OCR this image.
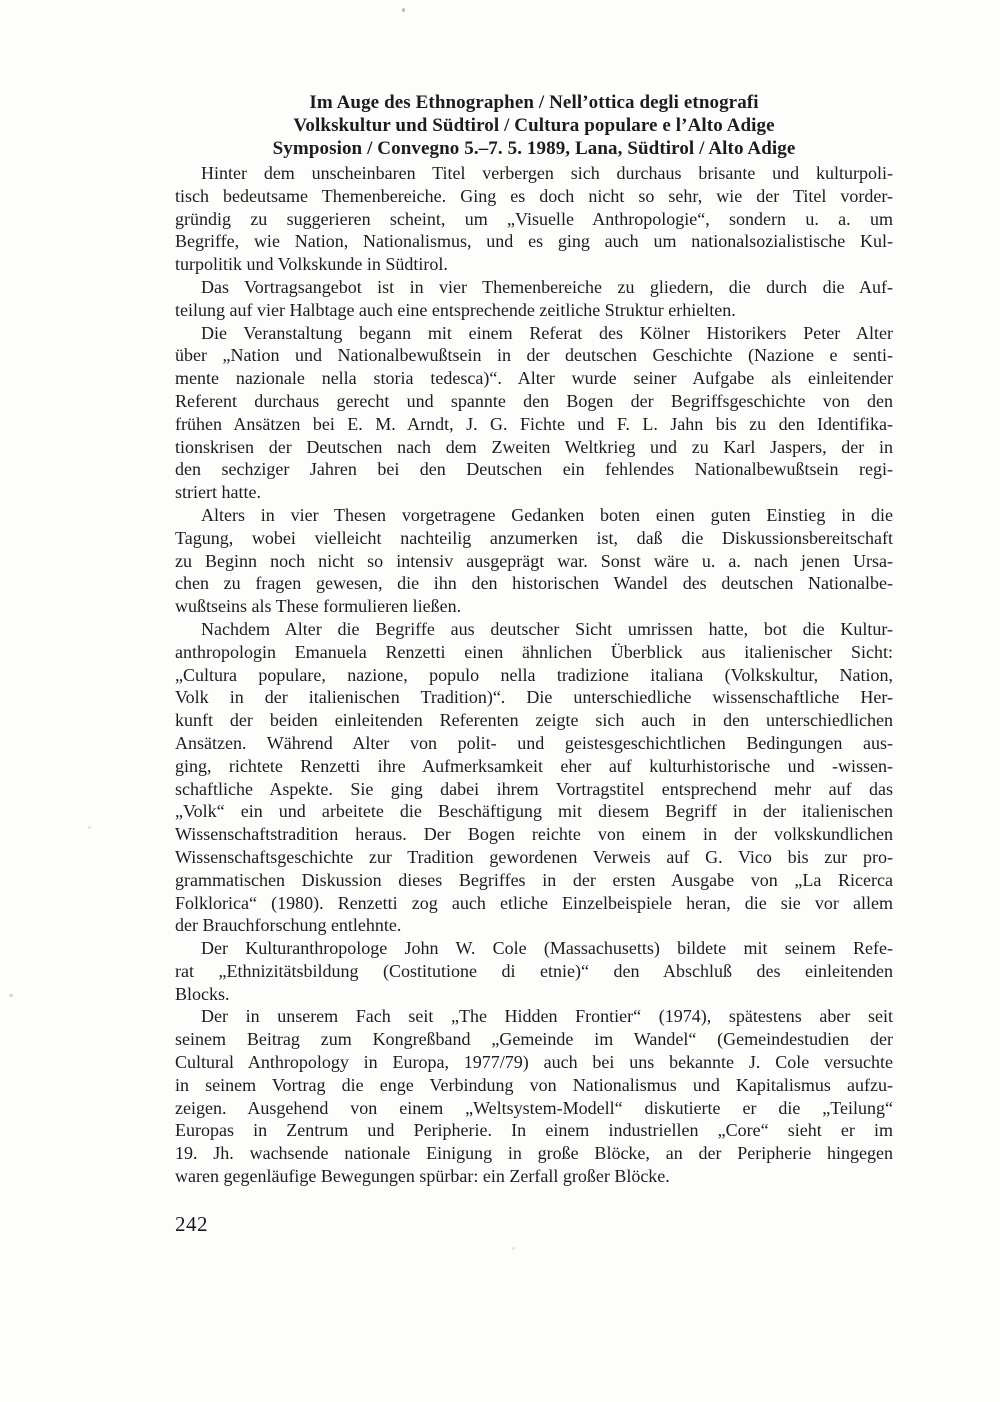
Im Auge des Ethnographen / Nell’ottica degli etnografi
Volkskultur und Südtirol / Cultura populare e l’Alto Adige
Symposion / Convegno 5.–7. 5. 1989, Lana, Südtirol / Alto Adige
Hinter dem unscheinbaren Titel verbergen sich durchaus brisante und kulturpoli-
tisch bedeutsame Themenbereiche. Ging es doch nicht so sehr, wie der Titel vorder-
gründig zu suggerieren scheint, um „Visuelle Anthropologie“, sondern u. a. um
Begriffe, wie Nation, Nationalismus, und es ging auch um nationalsozialistische Kul-
turpolitik und Volkskunde in Südtirol.
Das Vortragsangebot ist in vier Themenbereiche zu gliedern, die durch die Auf-
teilung auf vier Halbtage auch eine entsprechende zeitliche Struktur erhielten.
Die Veranstaltung begann mit einem Referat des Kölner Historikers Peter Alter
über „Nation und Nationalbewußtsein in der deutschen Geschichte (Nazione e senti-
mente nazionale nella storia tedesca)“. Alter wurde seiner Aufgabe als einleitender
Referent durchaus gerecht und spannte den Bogen der Begriffsgeschichte von den
frühen Ansätzen bei E. M. Arndt, J. G. Fichte und F. L. Jahn bis zu den Identifika-
tionskrisen der Deutschen nach dem Zweiten Weltkrieg und zu Karl Jaspers, der in
den sechziger Jahren bei den Deutschen ein fehlendes Nationalbewußtsein regi-
striert hatte.
Alters in vier Thesen vorgetragene Gedanken boten einen guten Einstieg in die
Tagung, wobei vielleicht nachteilig anzumerken ist, daß die Diskussionsbereitschaft
zu Beginn noch nicht so intensiv ausgeprägt war. Sonst wäre u. a. nach jenen Ursa-
chen zu fragen gewesen, die ihn den historischen Wandel des deutschen Nationalbe-
wußtseins als These formulieren ließen.
Nachdem Alter die Begriffe aus deutscher Sicht umrissen hatte, bot die Kultur-
anthropologin Emanuela Renzetti einen ähnlichen Überblick aus italienischer Sicht:
„Cultura populare, nazione, populo nella tradizione italiana (Volkskultur, Nation,
Volk in der italienischen Tradition)“. Die unterschiedliche wissenschaftliche Her-
kunft der beiden einleitenden Referenten zeigte sich auch in den unterschiedlichen
Ansätzen. Während Alter von polit- und geistesgeschichtlichen Bedingungen aus-
ging, richtete Renzetti ihre Aufmerksamkeit eher auf kulturhistorische und -wissen-
schaftliche Aspekte. Sie ging dabei ihrem Vortragstitel entsprechend mehr auf das
„Volk“ ein und arbeitete die Beschäftigung mit diesem Begriff in der italienischen
Wissenschaftstradition heraus. Der Bogen reichte von einem in der volkskundlichen
Wissenschaftsgeschichte zur Tradition gewordenen Verweis auf G. Vico bis zur pro-
grammatischen Diskussion dieses Begriffes in der ersten Ausgabe von „La Ricerca
Folklorica“ (1980). Renzetti zog auch etliche Einzelbeispiele heran, die sie vor allem
der Brauchforschung entlehnte.
Der Kulturanthropologe John W. Cole (Massachusetts) bildete mit seinem Refe-
rat „Ethnizitätsbildung (Costitutione di etnie)“ den Abschluß des einleitenden
Blocks.
Der in unserem Fach seit „The Hidden Frontier“ (1974), spätestens aber seit
seinem Beitrag zum Kongreßband „Gemeinde im Wandel“ (Gemeindestudien der
Cultural Anthropology in Europa, 1977/79) auch bei uns bekannte J. Cole versuchte
in seinem Vortrag die enge Verbindung von Nationalismus und Kapitalismus aufzu-
zeigen. Ausgehend von einem „Weltsystem-Modell“ diskutierte er die „Teilung“
Europas in Zentrum und Peripherie. In einem industriellen „Core“ sieht er im
19. Jh. wachsende nationale Einigung in große Blöcke, an der Peripherie hingegen
waren gegenläufige Bewegungen spürbar: ein Zerfall großer Blöcke.
242
